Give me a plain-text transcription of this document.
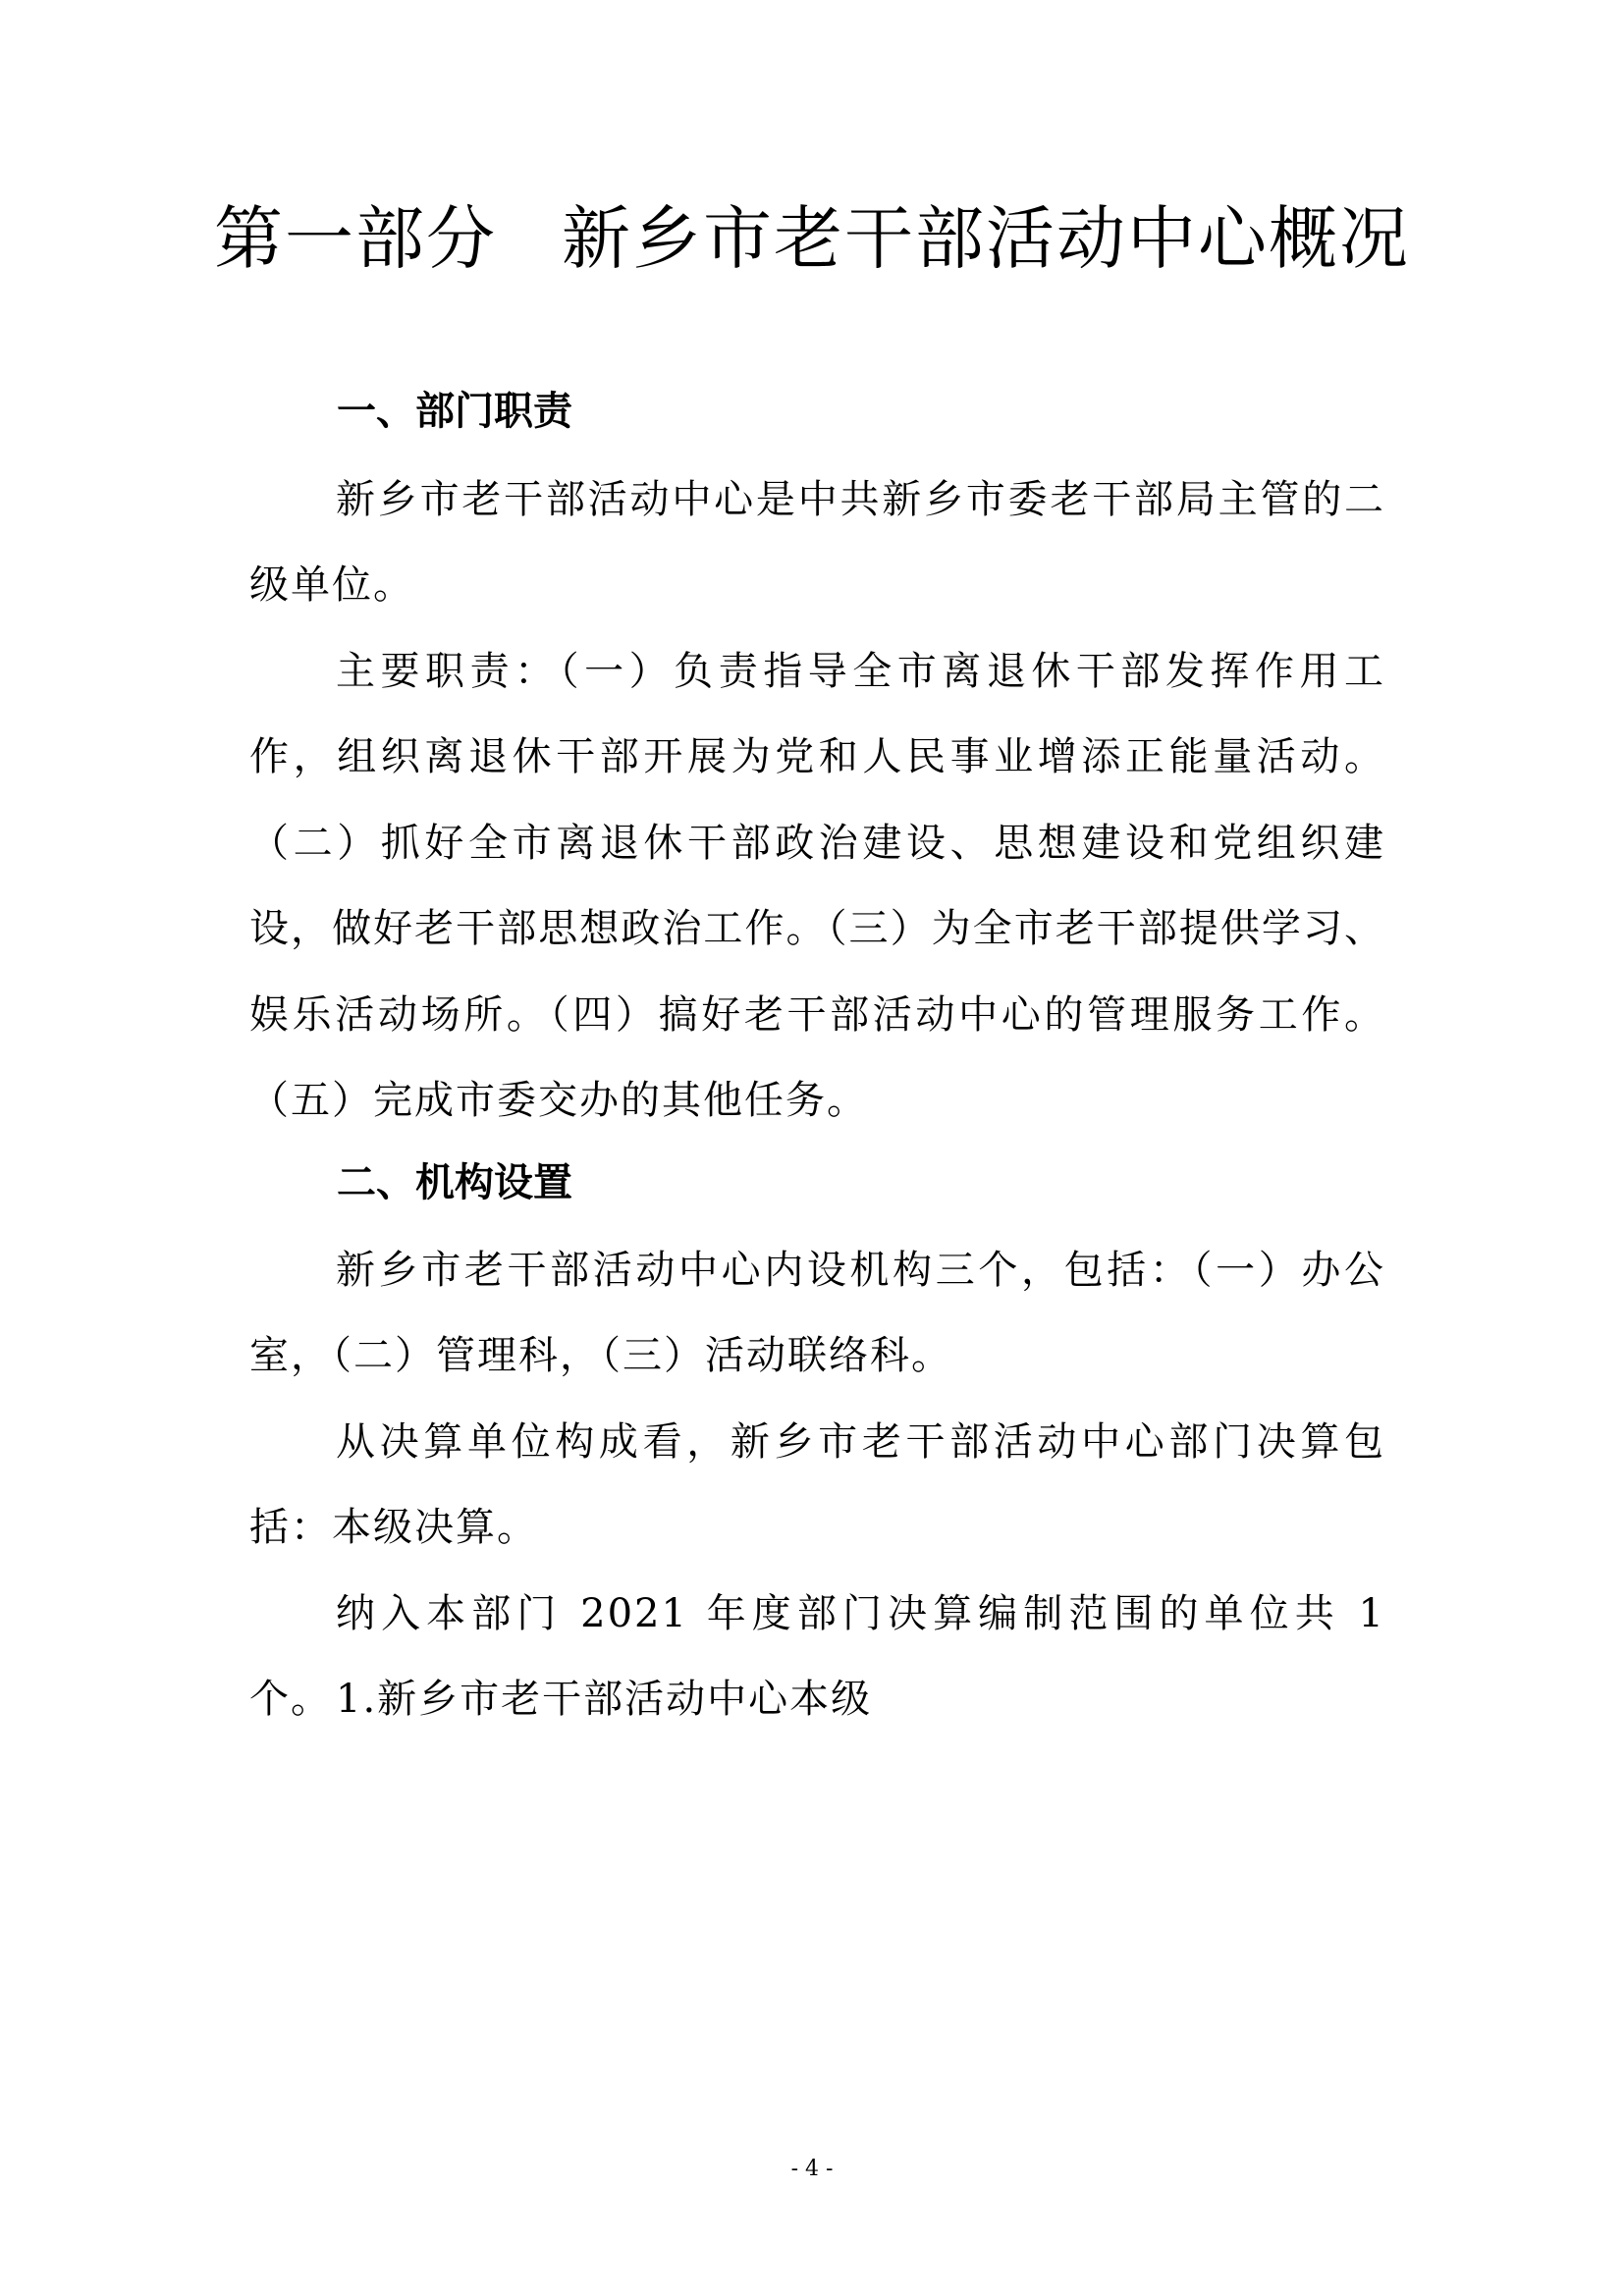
第一部分 新乡市老干部活动中心概况
一、部门职责

新乡市老干部活动中心是中共新乡市委老干部局主管的二级单位。

主要职责：（一）负责指导全市离退休干部发挥作用工作，组织离退休干部开展为党和人民事业增添正能量活动。（二）抓好全市离退休干部政治建设、思想建设和党组织建设，做好老干部思想政治工作。（三）为全市老干部提供学习、娱乐活动场所。（四）搞好老干部活动中心的管理服务工作。（五）完成市委交办的其他任务。

二、机构设置

新乡市老干部活动中心内设机构三个，包括：（一）办公室，（二）管理科，（三）活动联络科。

从决算单位构成看，新乡市老干部活动中心部门决算包括：本级决算。

纳入本部门 2021 年度部门决算编制范围的单位共 1 个。 1.新乡市老干部活动中心本级

- 4 -
